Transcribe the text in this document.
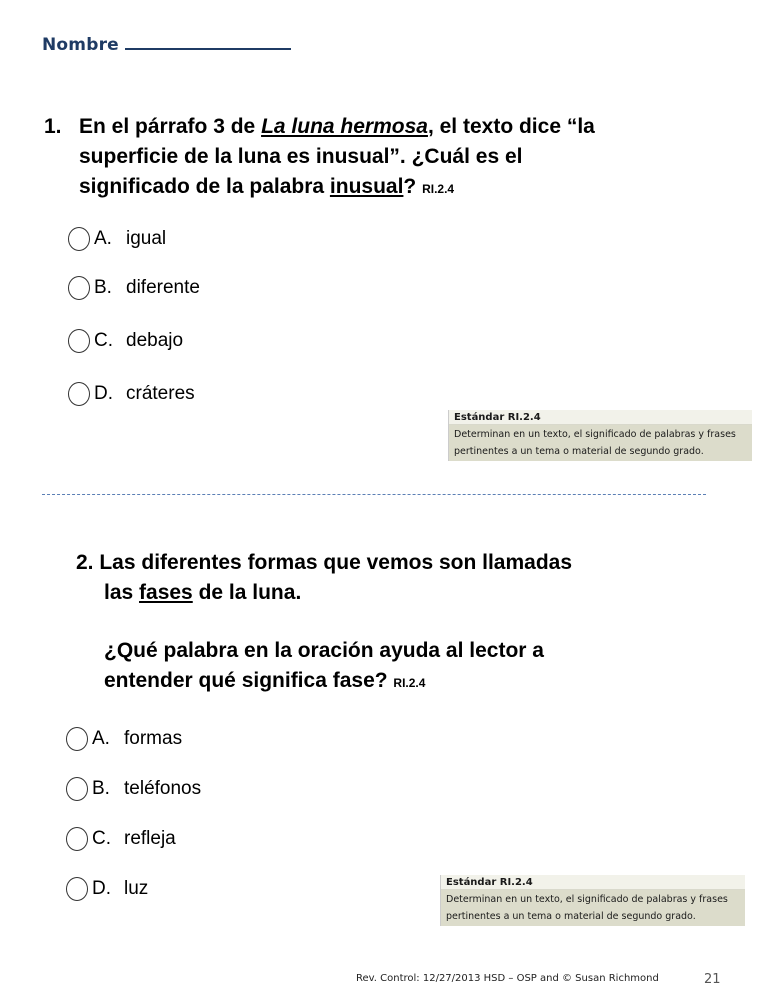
Nombre
1. En el párrafo 3 de La luna hermosa, el texto dice “la
superficie de la luna es inusual”. ¿Cuál es el
significado de la palabra inusual? RI.2.4
A. igual
B. diferente
C. debajo
D. cráteres
Estándar RI.2.4
Determinan en un texto, el significado de palabras y frases
pertinentes a un tema o material de segundo grado.
2. Las diferentes formas que vemos son llamadas
las fases de la luna.
¿Qué palabra en la oración ayuda al lector a
entender qué significa fase? RI.2.4
A. formas
B. teléfonos
C. refleja
D. luz	Estándar RI.2.4
Determinan en un texto, el significado de palabras y frases
pertinentes a un tema o material de segundo grado.
Rev. Control: 12/27/2013 HSD – OSP and © Susan Richmond	21
